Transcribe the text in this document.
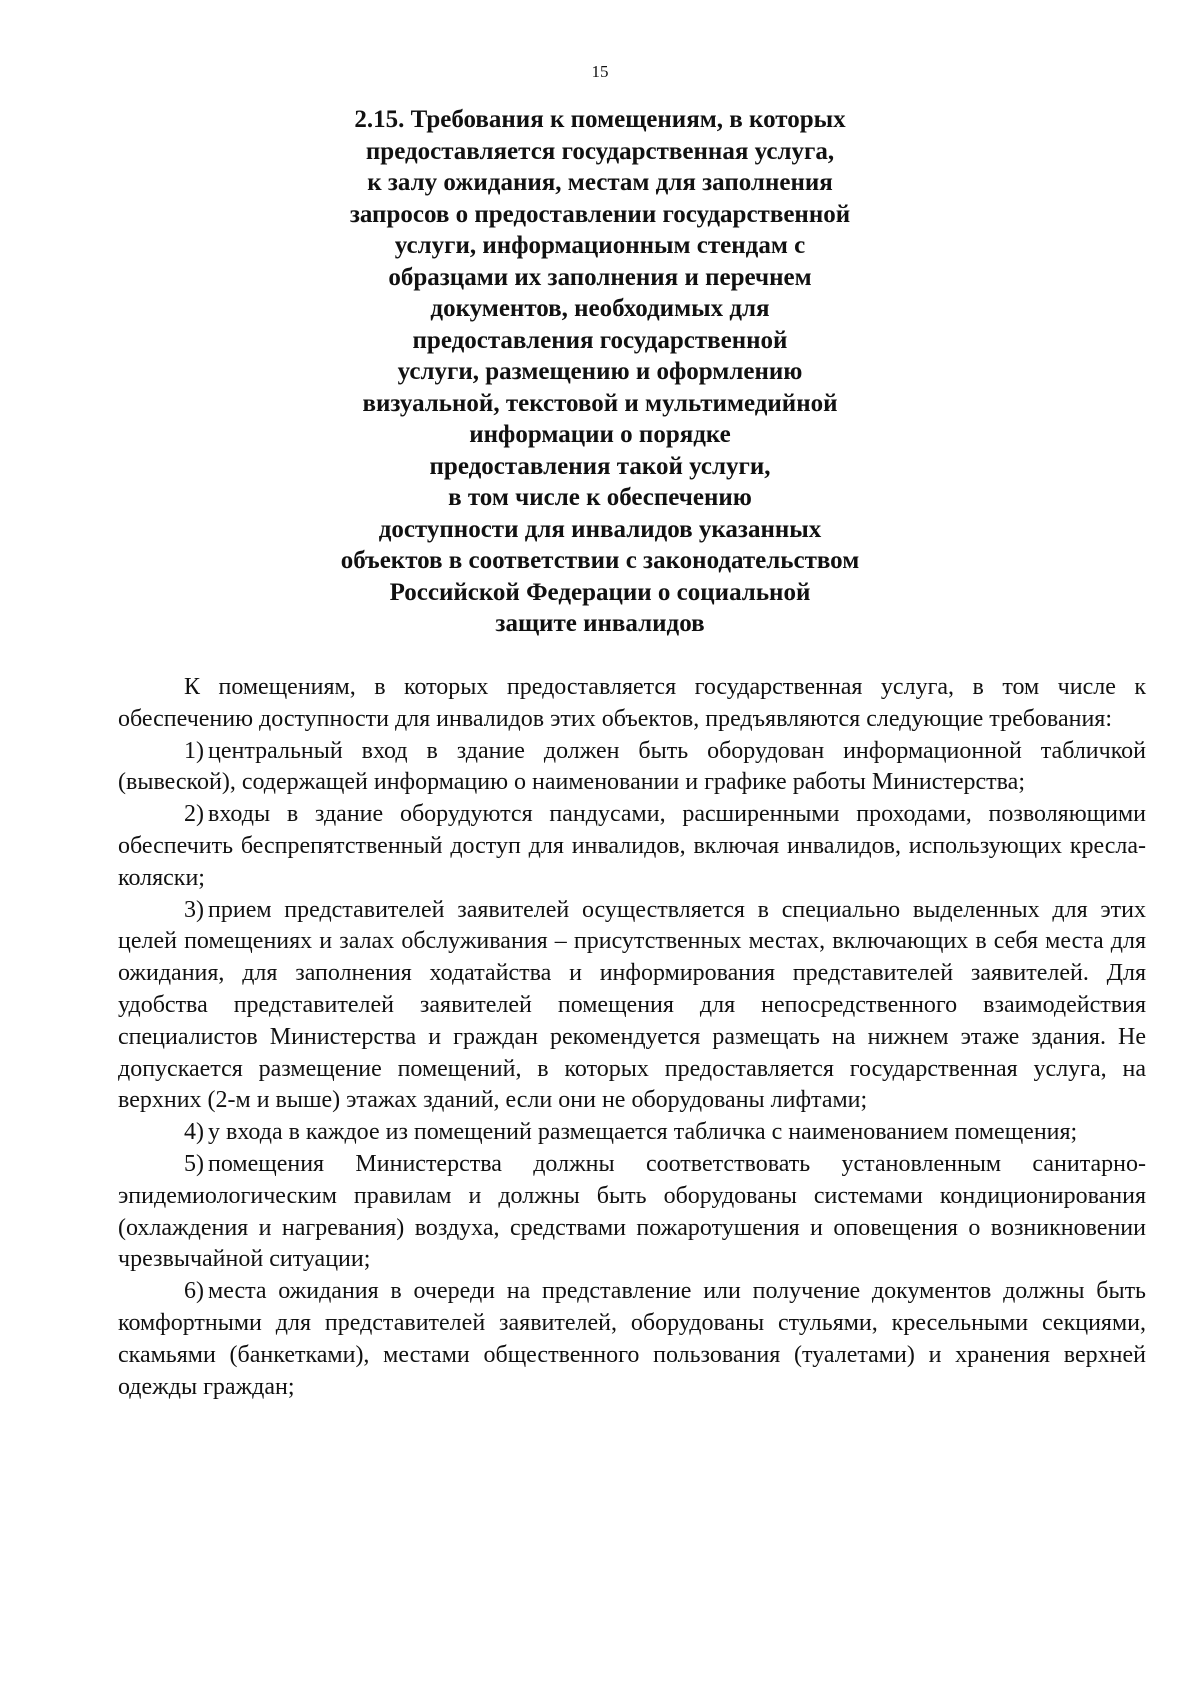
15
2.15. Требования к помещениям, в которых
предоставляется государственная услуга,
к залу ожидания, местам для заполнения
запросов о предоставлении государственной
услуги, информационным стендам с
образцами их заполнения и перечнем
документов, необходимых для
предоставления государственной
услуги, размещению и оформлению
визуальной, текстовой и мультимедийной
информации о порядке
предоставления такой услуги,
в том числе к обеспечению
доступности для инвалидов указанных
объектов в соответствии с законодательством
Российской Федерации о социальной
защите инвалидов

К помещениям, в которых предоставляется государственная услуга, в том числе к обеспечению доступности для инвалидов этих объектов, предъявляются следующие требования:

1) центральный вход в здание должен быть оборудован информационной табличкой (вывеской), содержащей информацию о наименовании и графике работы Министерства;

2) входы в здание оборудуются пандусами, расширенными проходами, позволяющими обеспечить беспрепятственный доступ для инвалидов, включая инвалидов, использующих кресла-коляски;

3) прием представителей заявителей осуществляется в специально выделенных для этих целей помещениях и залах обслуживания – присутственных местах, включающих в себя места для ожидания, для заполнения ходатайства и информирования представителей заявителей. Для удобства представителей заявителей помещения для непосредственного взаимодействия специалистов Министерства и граждан рекомендуется размещать на нижнем этаже здания. Не допускается размещение помещений, в которых предоставляется государственная услуга, на верхних (2-м и выше) этажах зданий, если они не оборудованы лифтами;

4) у входа в каждое из помещений размещается табличка с наименованием помещения;

5) помещения Министерства должны соответствовать установленным санитарно-эпидемиологическим правилам и должны быть оборудованы системами кондиционирования (охлаждения и нагревания) воздуха, средствами пожаротушения и оповещения о возникновении чрезвычайной ситуации;

6) места ожидания в очереди на представление или получение документов должны быть комфортными для представителей заявителей, оборудованы стульями, кресельными секциями, скамьями (банкетками), местами общественного пользования (туалетами) и хранения верхней одежды граждан;
